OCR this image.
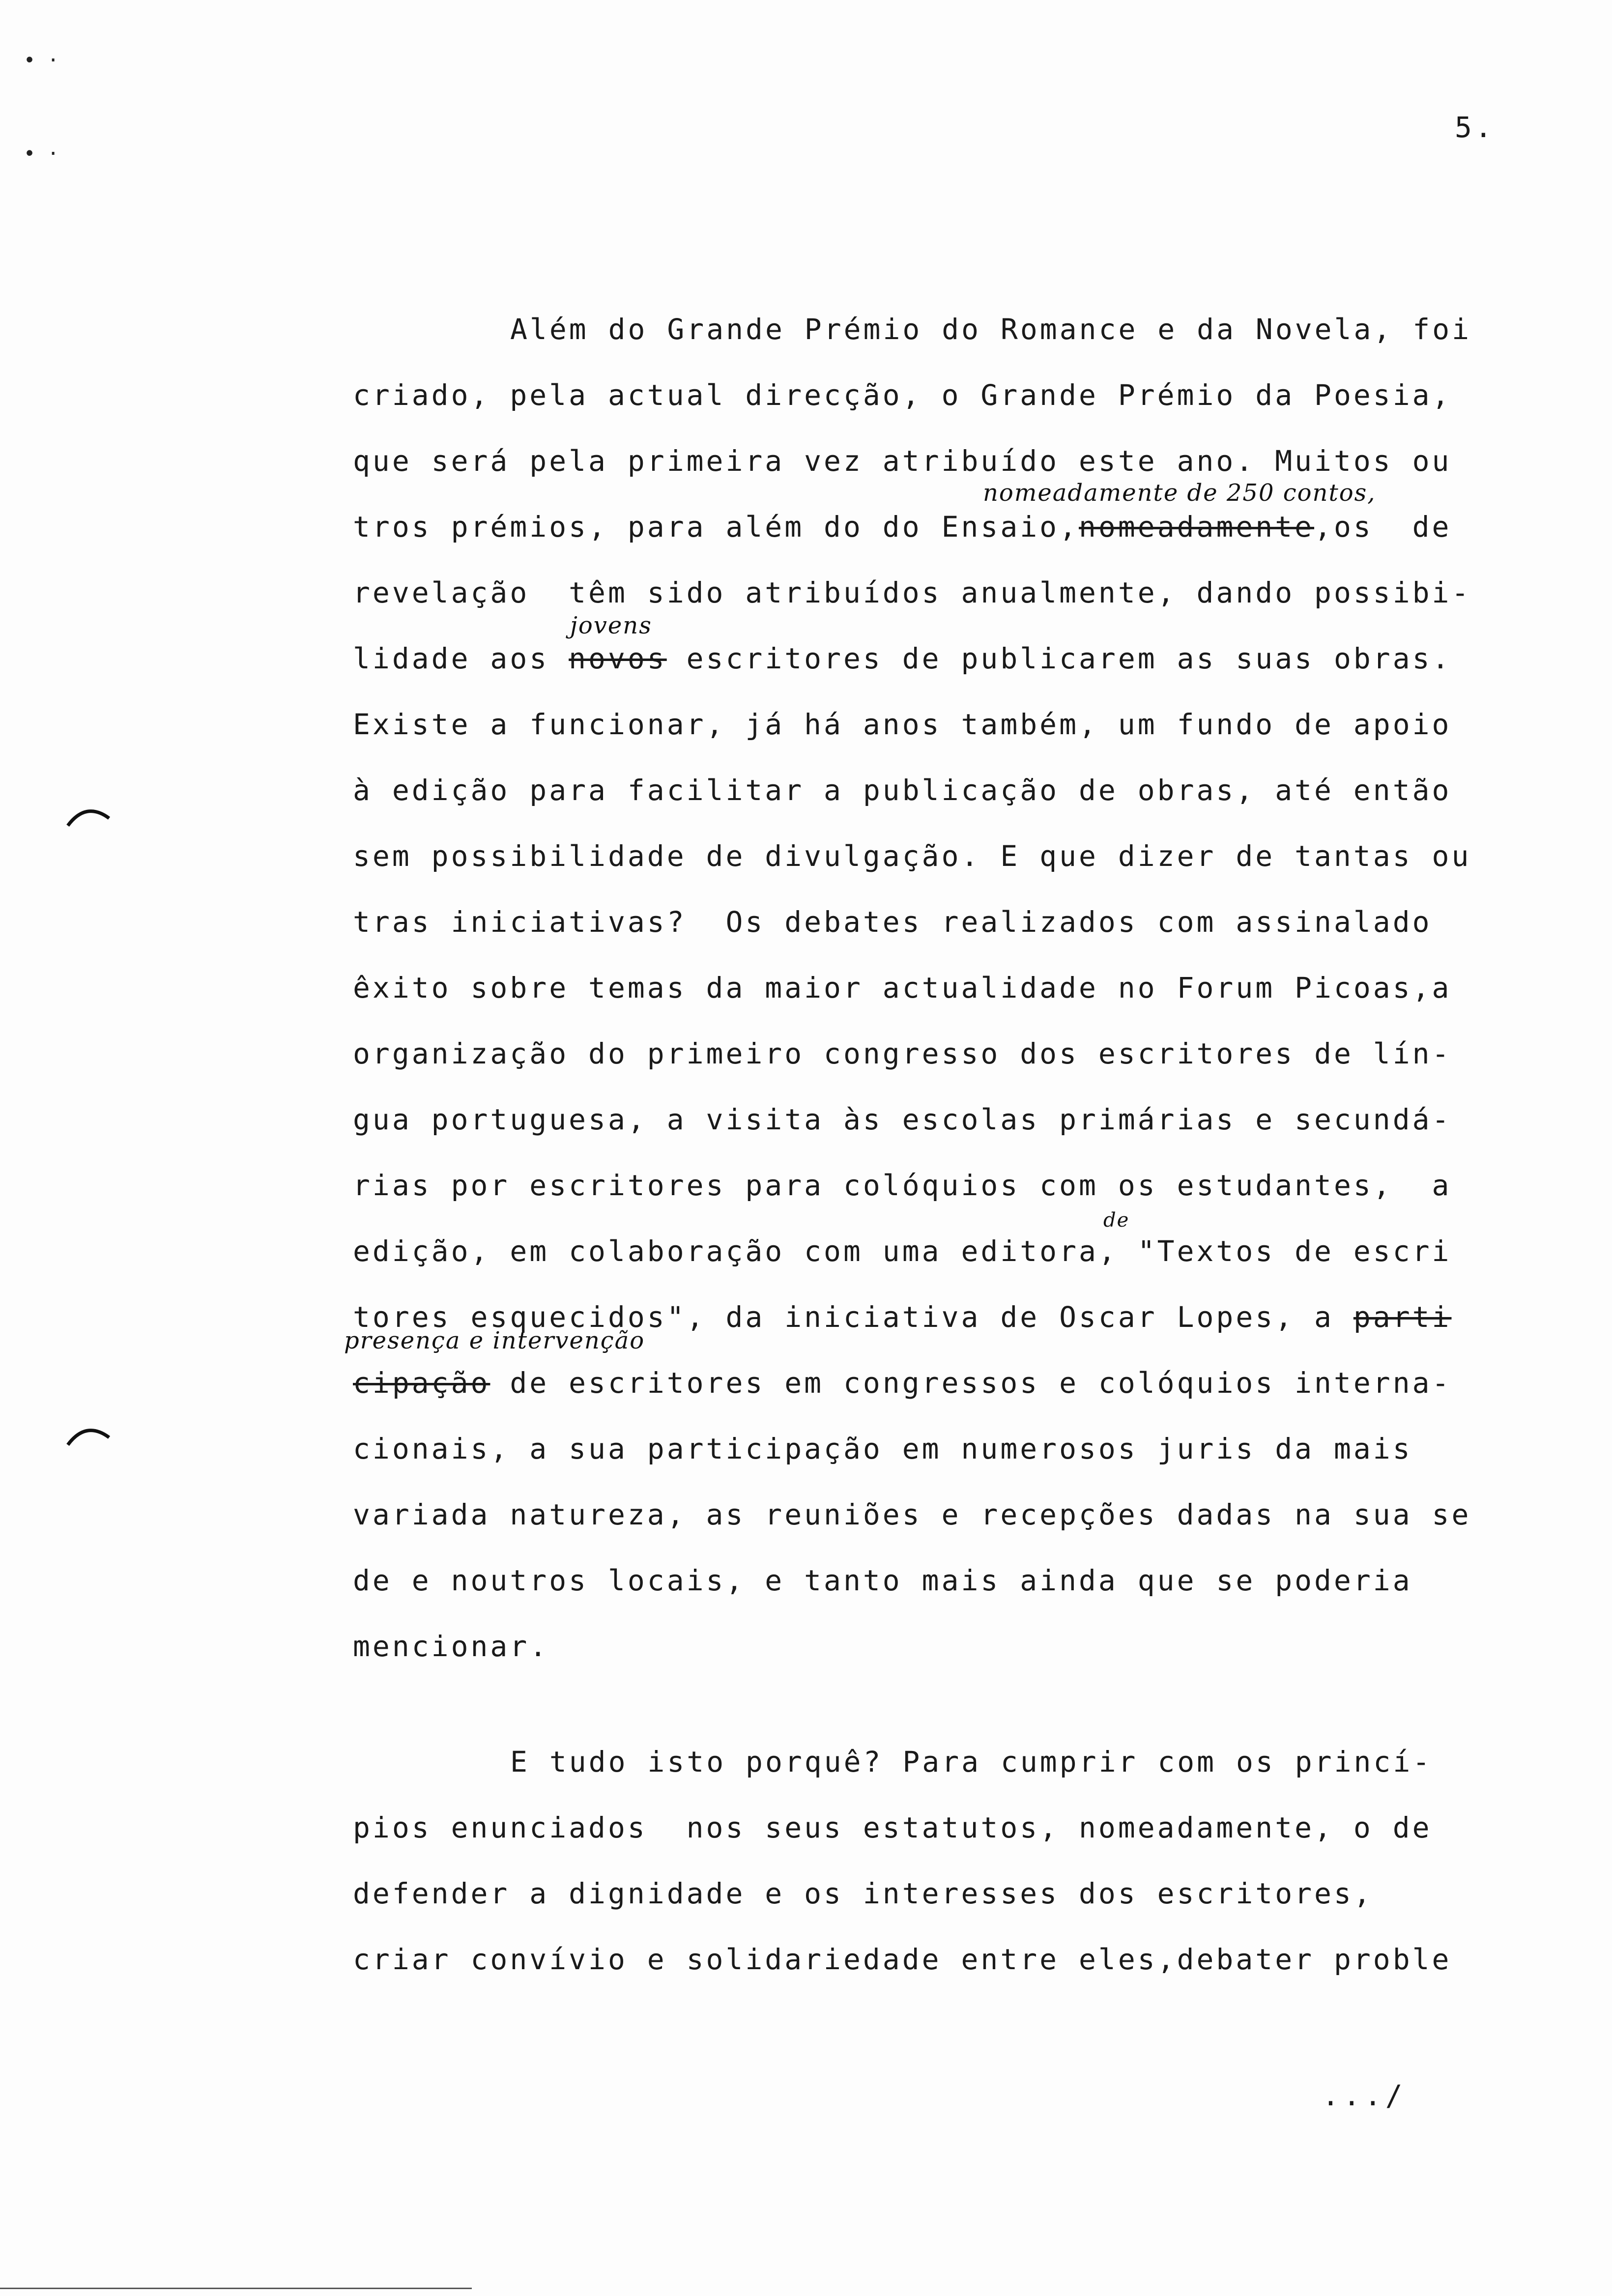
• ·
• ·
5.
Além do Grande Prémio do Romance e da Novela, foi
criado, pela actual direcção, o Grande Prémio da Poesia,
que será pela primeira vez atribuído este ano. Muitos ou
tros prémios, para além do do Ensaio,nomeadamente,os  de
revelação  têm sido atribuídos anualmente, dando possibi-
lidade aos novos escritores de publicarem as suas obras.
Existe a funcionar, já há anos também, um fundo de apoio
à edição para facilitar a publicação de obras, até então
sem possibilidade de divulgação. E que dizer de tantas ou
tras iniciativas?  Os debates realizados com assinalado
êxito sobre temas da maior actualidade no Forum Picoas,a
organização do primeiro congresso dos escritores de lín-
gua portuguesa, a visita às escolas primárias e secundá-
rias por escritores para colóquios com os estudantes,  a
edição, em colaboração com uma editora, "Textos de escri
tores esquecidos", da iniciativa de Oscar Lopes, a parti
cipação de escritores em congressos e colóquios interna-
cionais, a sua participação em numerosos juris da mais
variada natureza, as reuniões e recepções dadas na sua se
de e noutros locais, e tanto mais ainda que se poderia
mencionar.
nomeadamente de 250 contos,
jovens
de
presença e intervenção
E tudo isto porquê? Para cumprir com os princí-
pios enunciados  nos seus estatutos, nomeadamente, o de
defender a dignidade e os interesses dos escritores,
criar convívio e solidariedade entre eles,debater proble
.../
